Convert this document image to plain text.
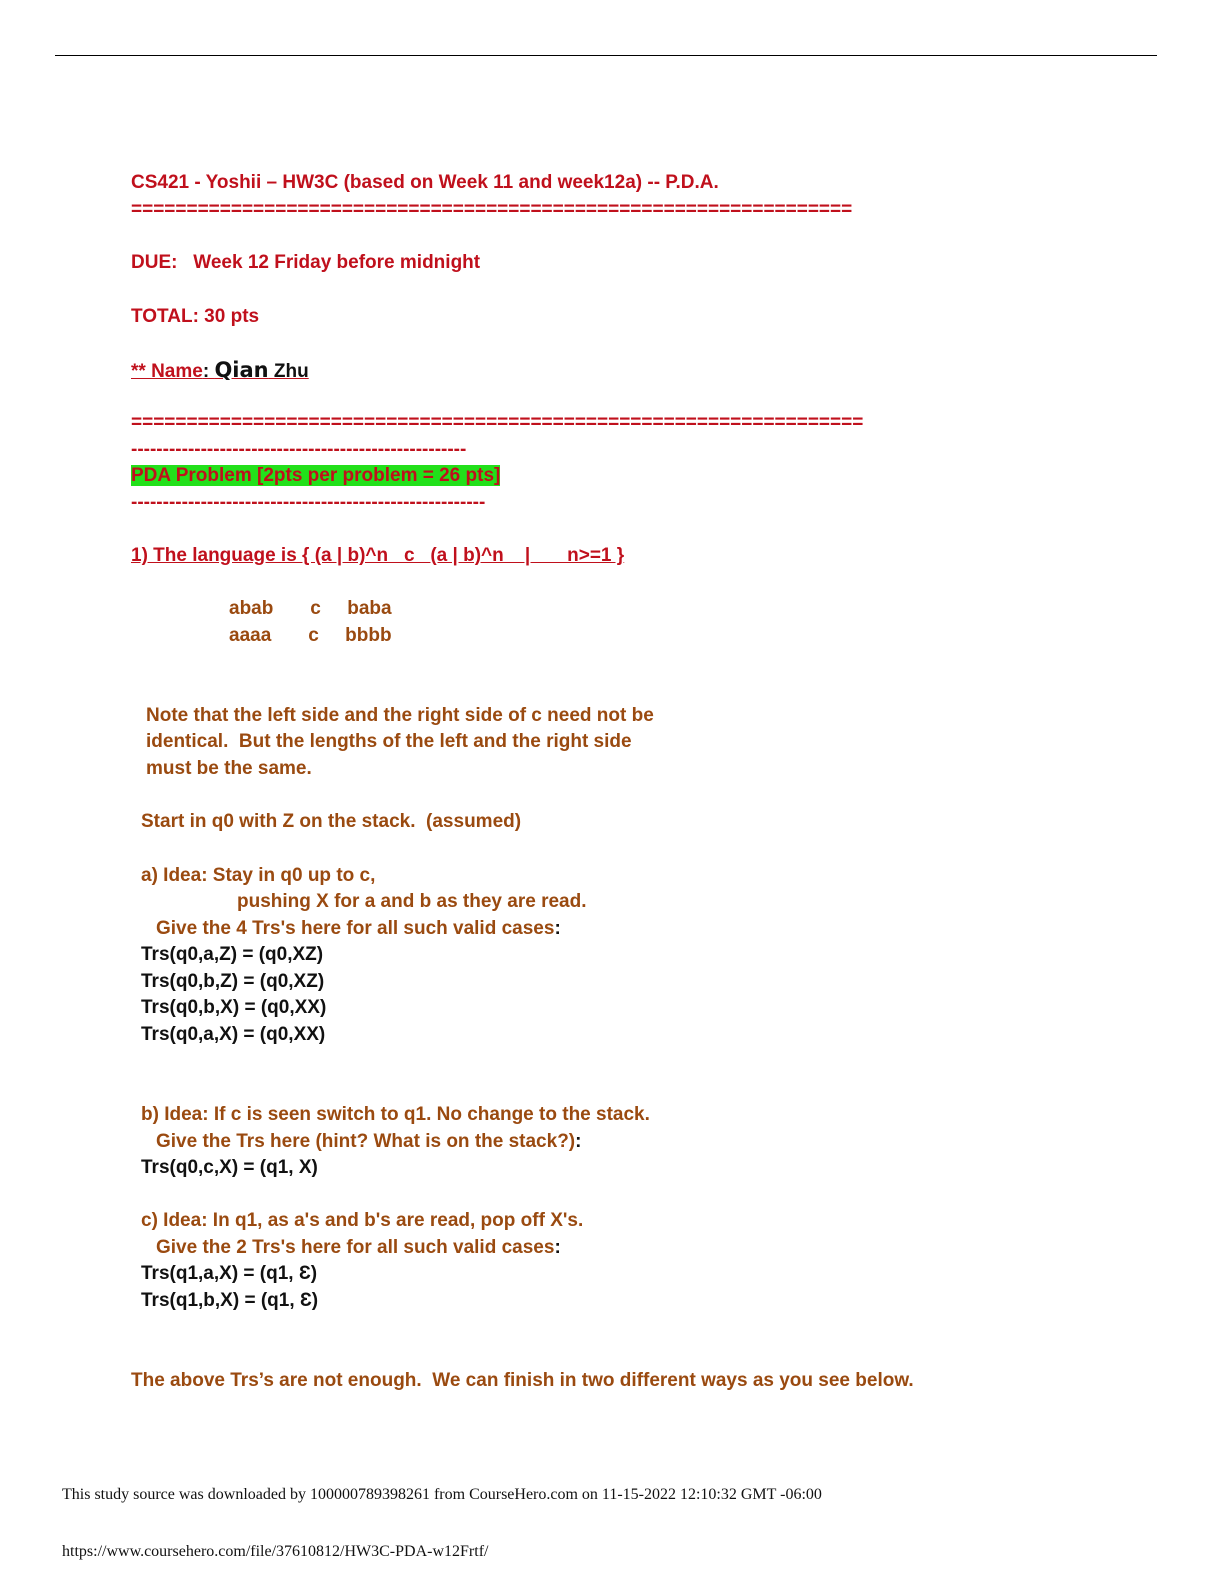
CS421 - Yoshii – HW3C (based on Week 11 and week12a) -- P.D.A.
=================================================================
DUE:   Week 12 Friday before midnight
TOTAL: 30 pts
** Name: Qian Zhu
==================================================================
-----------------------------------------------------
PDA Problem [2pts per problem = 26 pts]
--------------------------------------------------------
1) The language is { (a | b)^n   c   (a | b)^n    |       n>=1 }
abab       c     baba
aaaa       c     bbbb
Note that the left side and the right side of c need not be
identical.  But the lengths of the left and the right side
must be the same.
Start in q0 with Z on the stack.  (assumed)
a) Idea: Stay in q0 up to c,
pushing X for a and b as they are read.
Give the 4 Trs's here for all such valid cases:
Trs(q0,a,Z) = (q0,XZ)
Trs(q0,b,Z) = (q0,XZ)
Trs(q0,b,X) = (q0,XX)
Trs(q0,a,X) = (q0,XX)
b) Idea: If c is seen switch to q1. No change to the stack.
Give the Trs here (hint? What is on the stack?):
Trs(q0,c,X) = (q1, X)
c) Idea: In q1, as a's and b's are read, pop off X's.
Give the 2 Trs's here for all such valid cases:
Trs(q1,a,X) = (q1, Ɛ)
Trs(q1,b,X) = (q1, Ɛ)
The above Trs’s are not enough.  We can finish in two different ways as you see below.
This study source was downloaded by 100000789398261 from CourseHero.com on 11-15-2022 12:10:32 GMT -06:00
https://www.coursehero.com/file/37610812/HW3C-PDA-w12Frtf/
